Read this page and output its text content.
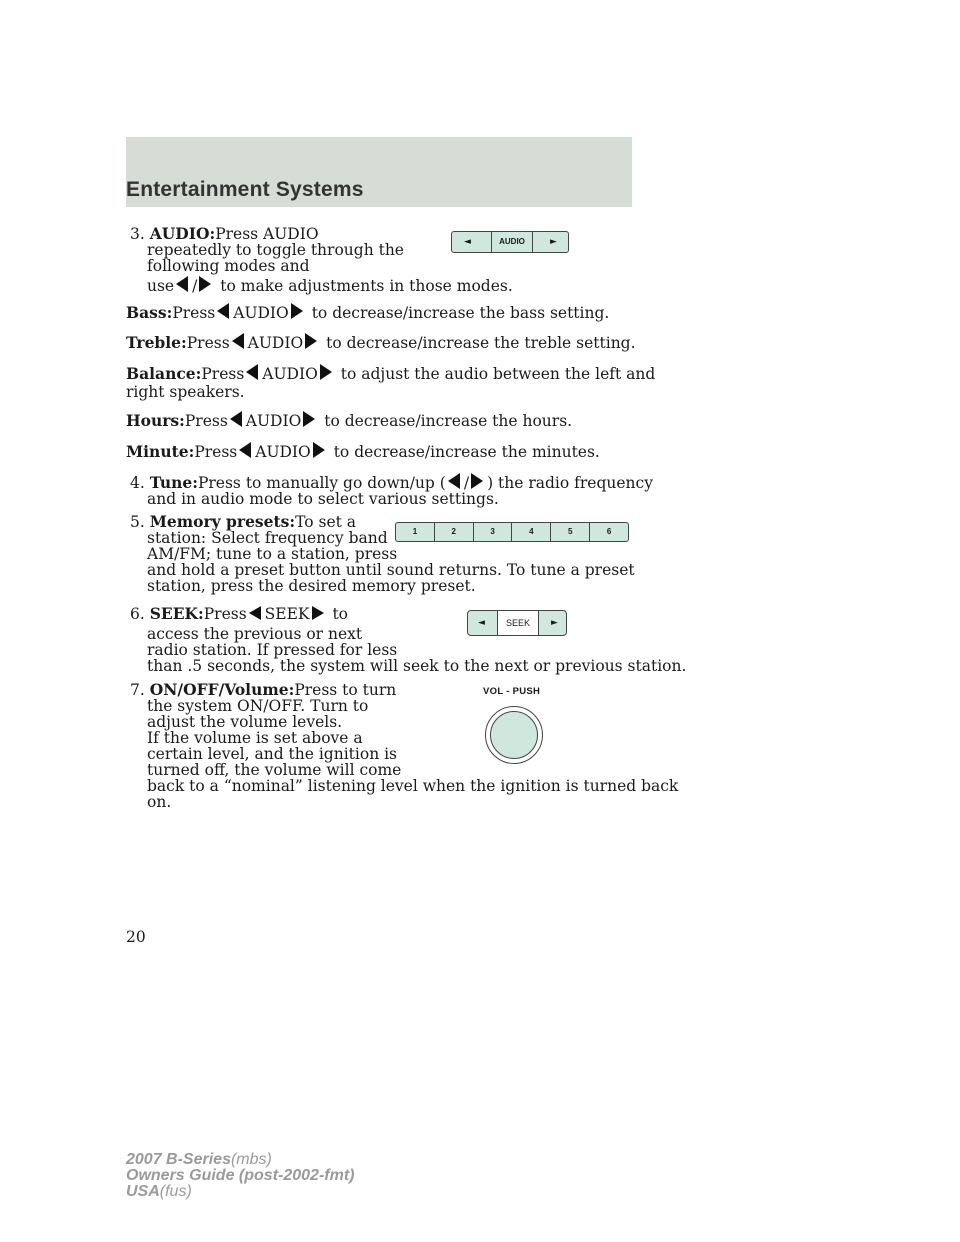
Entertainment Systems
3. AUDIO:Press AUDIO
repeatedly to toggle through the
following modes and
use / to make adjustments in those modes.
◄	AUDIO	►
Bass:Press AUDIO to decrease/increase the bass setting.
Treble:Press AUDIO to decrease/increase the treble setting.
Balance:Press AUDIO to adjust the audio between the left and
right speakers.
Hours:Press AUDIO to decrease/increase the hours.
Minute:Press AUDIO to decrease/increase the minutes.
4. Tune:Press to manually go down/up ( / ) the radio frequency
and in audio mode to select various settings.
5. Memory presets:To set a
station: Select frequency band
AM/FM; tune to a station, press
and hold a preset button until sound returns. To tune a preset
station, press the desired memory preset.
1	2	3	4	5	6
6. SEEK:Press SEEK to
access the previous or next
radio station. If pressed for less
than .5 seconds, the system will seek to the next or previous station.
◄	SEEK	►
7. ON/OFF/Volume:Press to turn
the system ON/OFF. Turn to
adjust the volume levels.
If the volume is set above a
certain level, and the ignition is
turned off, the volume will come
back to a “nominal” listening level when the ignition is turned back
on.
VOL - PUSH
20
2007 B-Series(mbs)
Owners Guide (post-2002-fmt)
USA(fus)
